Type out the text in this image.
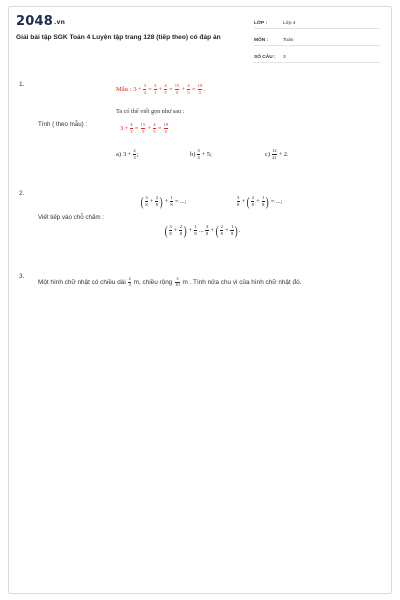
2048.vn
Giải bài tập SGK Toán 4 Luyện tập trang 128 (tiếp theo) có đáp án
LỚP :	Lớp 4
MÔN :	Toán
SỐ CÂU :	3
1.
Mẫu : $3+ \frac{3}{4} = \frac{3}{1} + \frac{4}{5} = \frac{15}{5} + \frac{4}{5} = \frac{19}{5}$ .
Ta có thể viết gọn như sau :
Tính ( theo mẫu) :
$3 + \frac{4}{5} = \frac{15}{5} + \frac{4}{5} = \frac{19}{5}$
a) $3+ \frac{2}{3}$ ;	$b) \frac{3}{4} +5$;	$c) \frac{12}{21} +2$.
2.
Viết tiếp vào chỗ chấm :
( $\frac{3}{8} + \frac{2}{8}$ ) + $\frac{1}{8}$ = ...;	$\frac{3}{8}$ + ( $\frac{2}{8} + \frac{1}{8}$ ) = ...;
( $\frac{3}{8} + \frac{2}{8}$ ) + $\frac{1}{8}$ ... $\frac{3}{8}$ + ( $\frac{2}{8} + \frac{1}{8}$ ) .
3.
Một hình chữ nhật có chiều dài $\frac{2}{3} m$, chiều rộng $\frac{3}{10}$ m . Tính nửa chu vi của hình chữ nhật đó.
